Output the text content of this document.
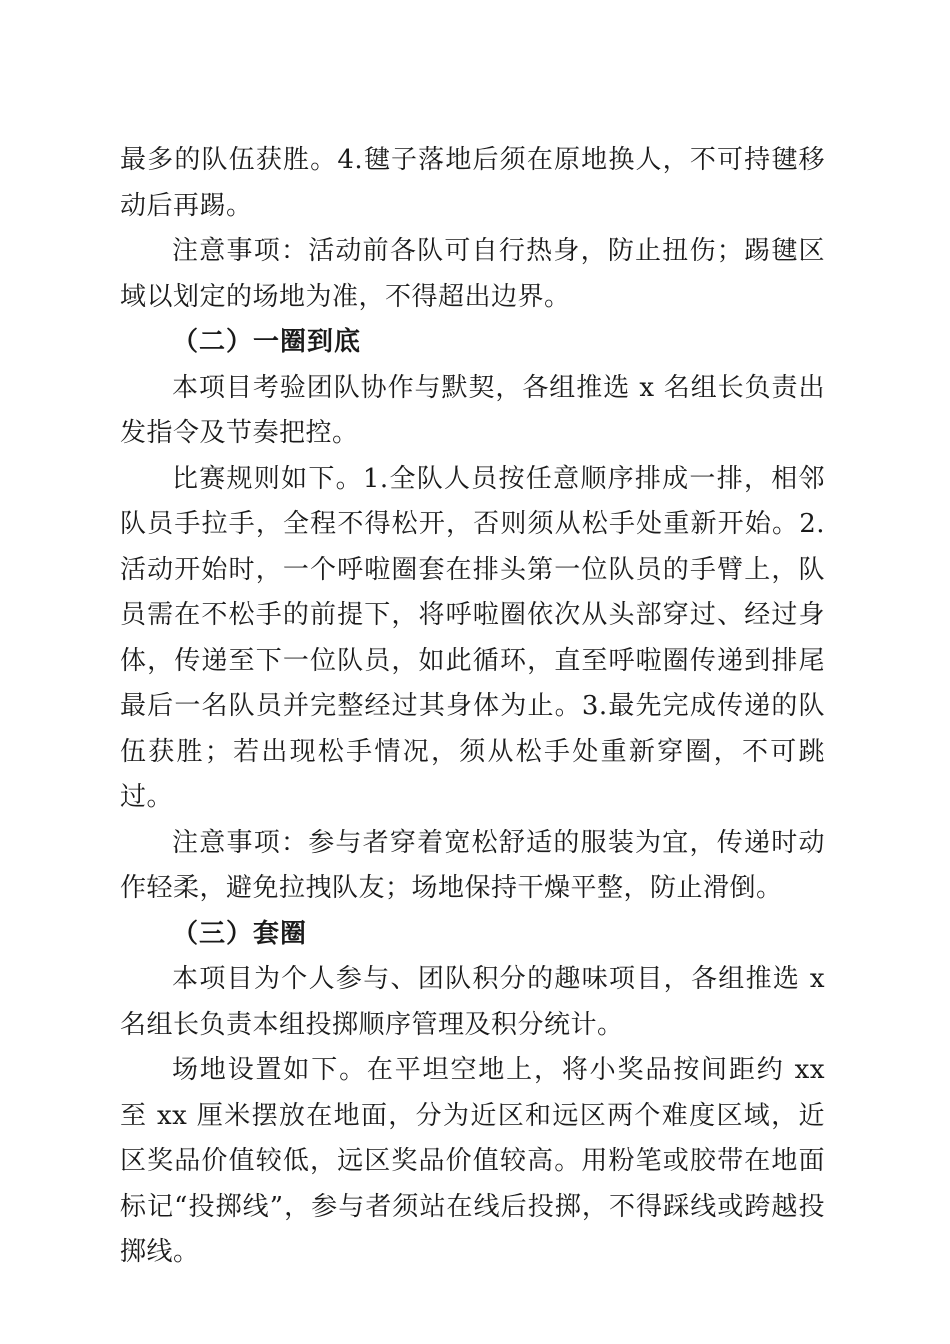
最多的队伍获胜。4.毽子落地后须在原地换人，不可持毽移动后再踢。

注意事项：活动前各队可自行热身，防止扭伤；踢毽区域以划定的场地为准，不得超出边界。

（二）一圈到底

本项目考验团队协作与默契，各组推选 x 名组长负责出发指令及节奏把控。

比赛规则如下。1.全队人员按任意顺序排成一排，相邻队员手拉手，全程不得松开，否则须从松手处重新开始。2.活动开始时，一个呼啦圈套在排头第一位队员的手臂上，队员需在不松手的前提下，将呼啦圈依次从头部穿过、经过身体，传递至下一位队员，如此循环，直至呼啦圈传递到排尾最后一名队员并完整经过其身体为止。3.最先完成传递的队伍获胜；若出现松手情况，须从松手处重新穿圈，不可跳过。

注意事项：参与者穿着宽松舒适的服装为宜，传递时动作轻柔，避免拉拽队友；场地保持干燥平整，防止滑倒。

（三）套圈

本项目为个人参与、团队积分的趣味项目，各组推选 x 名组长负责本组投掷顺序管理及积分统计。

场地设置如下。在平坦空地上，将小奖品按间距约 xx 至 xx 厘米摆放在地面，分为近区和远区两个难度区域，近区奖品价值较低，远区奖品价值较高。用粉笔或胶带在地面标记“投掷线”，参与者须站在线后投掷，不得踩线或跨越投掷线。
